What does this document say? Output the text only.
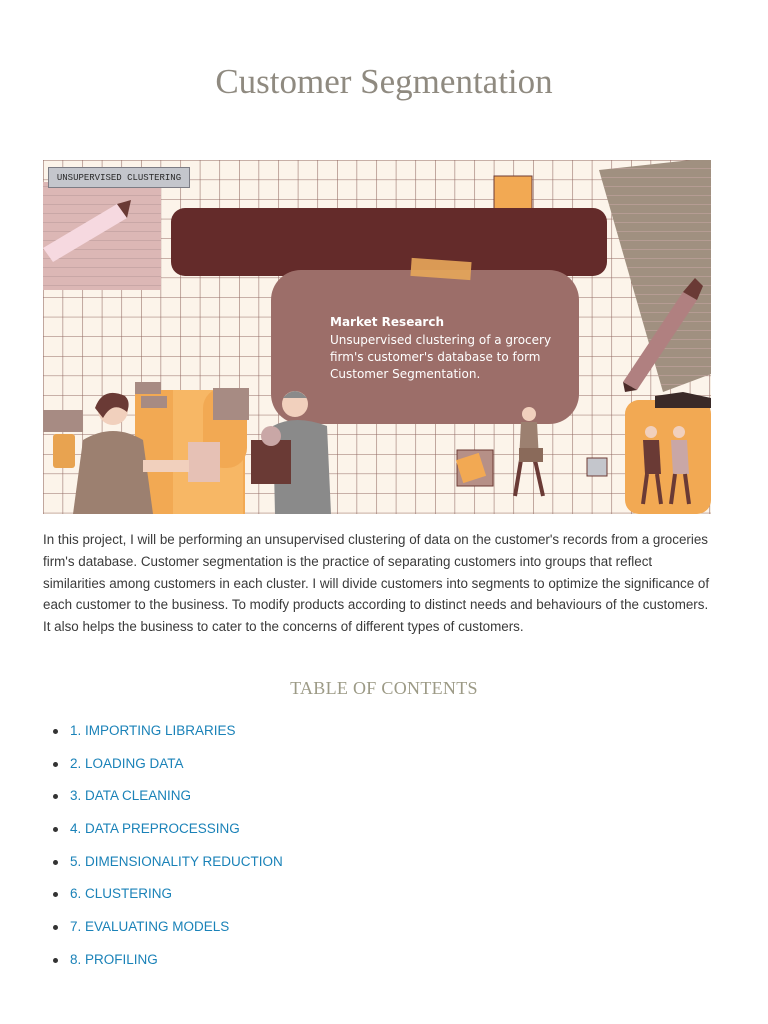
Customer Segmentation
UNSUPERVISED CLUSTERING
Market Research
Unsupervised clustering of a grocery firm's customer's database to form Customer Segmentation.

In this project, I will be performing an unsupervised clustering of data on the customer's records from a groceries firm's database. Customer segmentation is the practice of separating customers into groups that reflect similarities among customers in each cluster. I will divide customers into segments to optimize the significance of each customer to the business. To modify products according to distinct needs and behaviours of the customers. It also helps the business to cater to the concerns of different types of customers.

TABLE OF CONTENTS
1. IMPORTING LIBRARIES
2. LOADING DATA
3. DATA CLEANING
4. DATA PREPROCESSING
5. DIMENSIONALITY REDUCTION
6. CLUSTERING
7. EVALUATING MODELS
8. PROFILING
